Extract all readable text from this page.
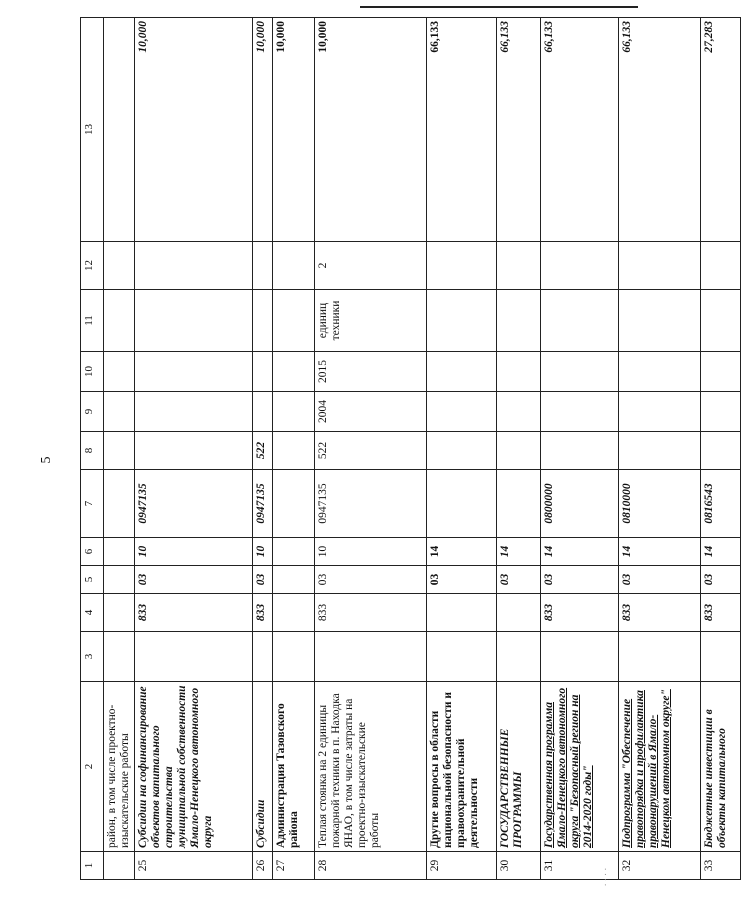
5
1	2	3	4	5	6	7	8	9	10	11	12	13
	район, в том числе проектно-изыскательские работы											
25	Субсидии на софинансирование объектов капитального строительства муниципальной собственности Ямало-Ненецкого автономного округа		833	03	10	0947135						10,000
26	Субсидии		833	03	10	0947135	522					10,000
27	Администрация Тазовского района											10,000
28	Теплая стоянка на 2 единицы пожарной техники в п. Находка ЯНАО, в том числе затраты на проектно-изыскательские работы		833	03	10	0947135	522	2004	2015	единиц техники	2	10,000
29	Другие вопросы в области национальной безопасности и правоохранительной деятельности			03	14							66,133
30	ГОСУДАРСТВЕННЫЕ ПРОГРАММЫ			03	14							66,133
31	Государственная программа Ямало-Ненецкого автономного округа "Безопасный регион на 2014-2020 годы"		833	03	14	0800000						66,133
32	Подпрограмма "Обеспечение правопорядка и профилактика правонарушений в Ямало-Ненецком автономном округе"		833	03	14	0810000						66,133
33	Бюджетные инвестиции в объекты капитального		833	03	14	0816543						27,283
· · · ·
